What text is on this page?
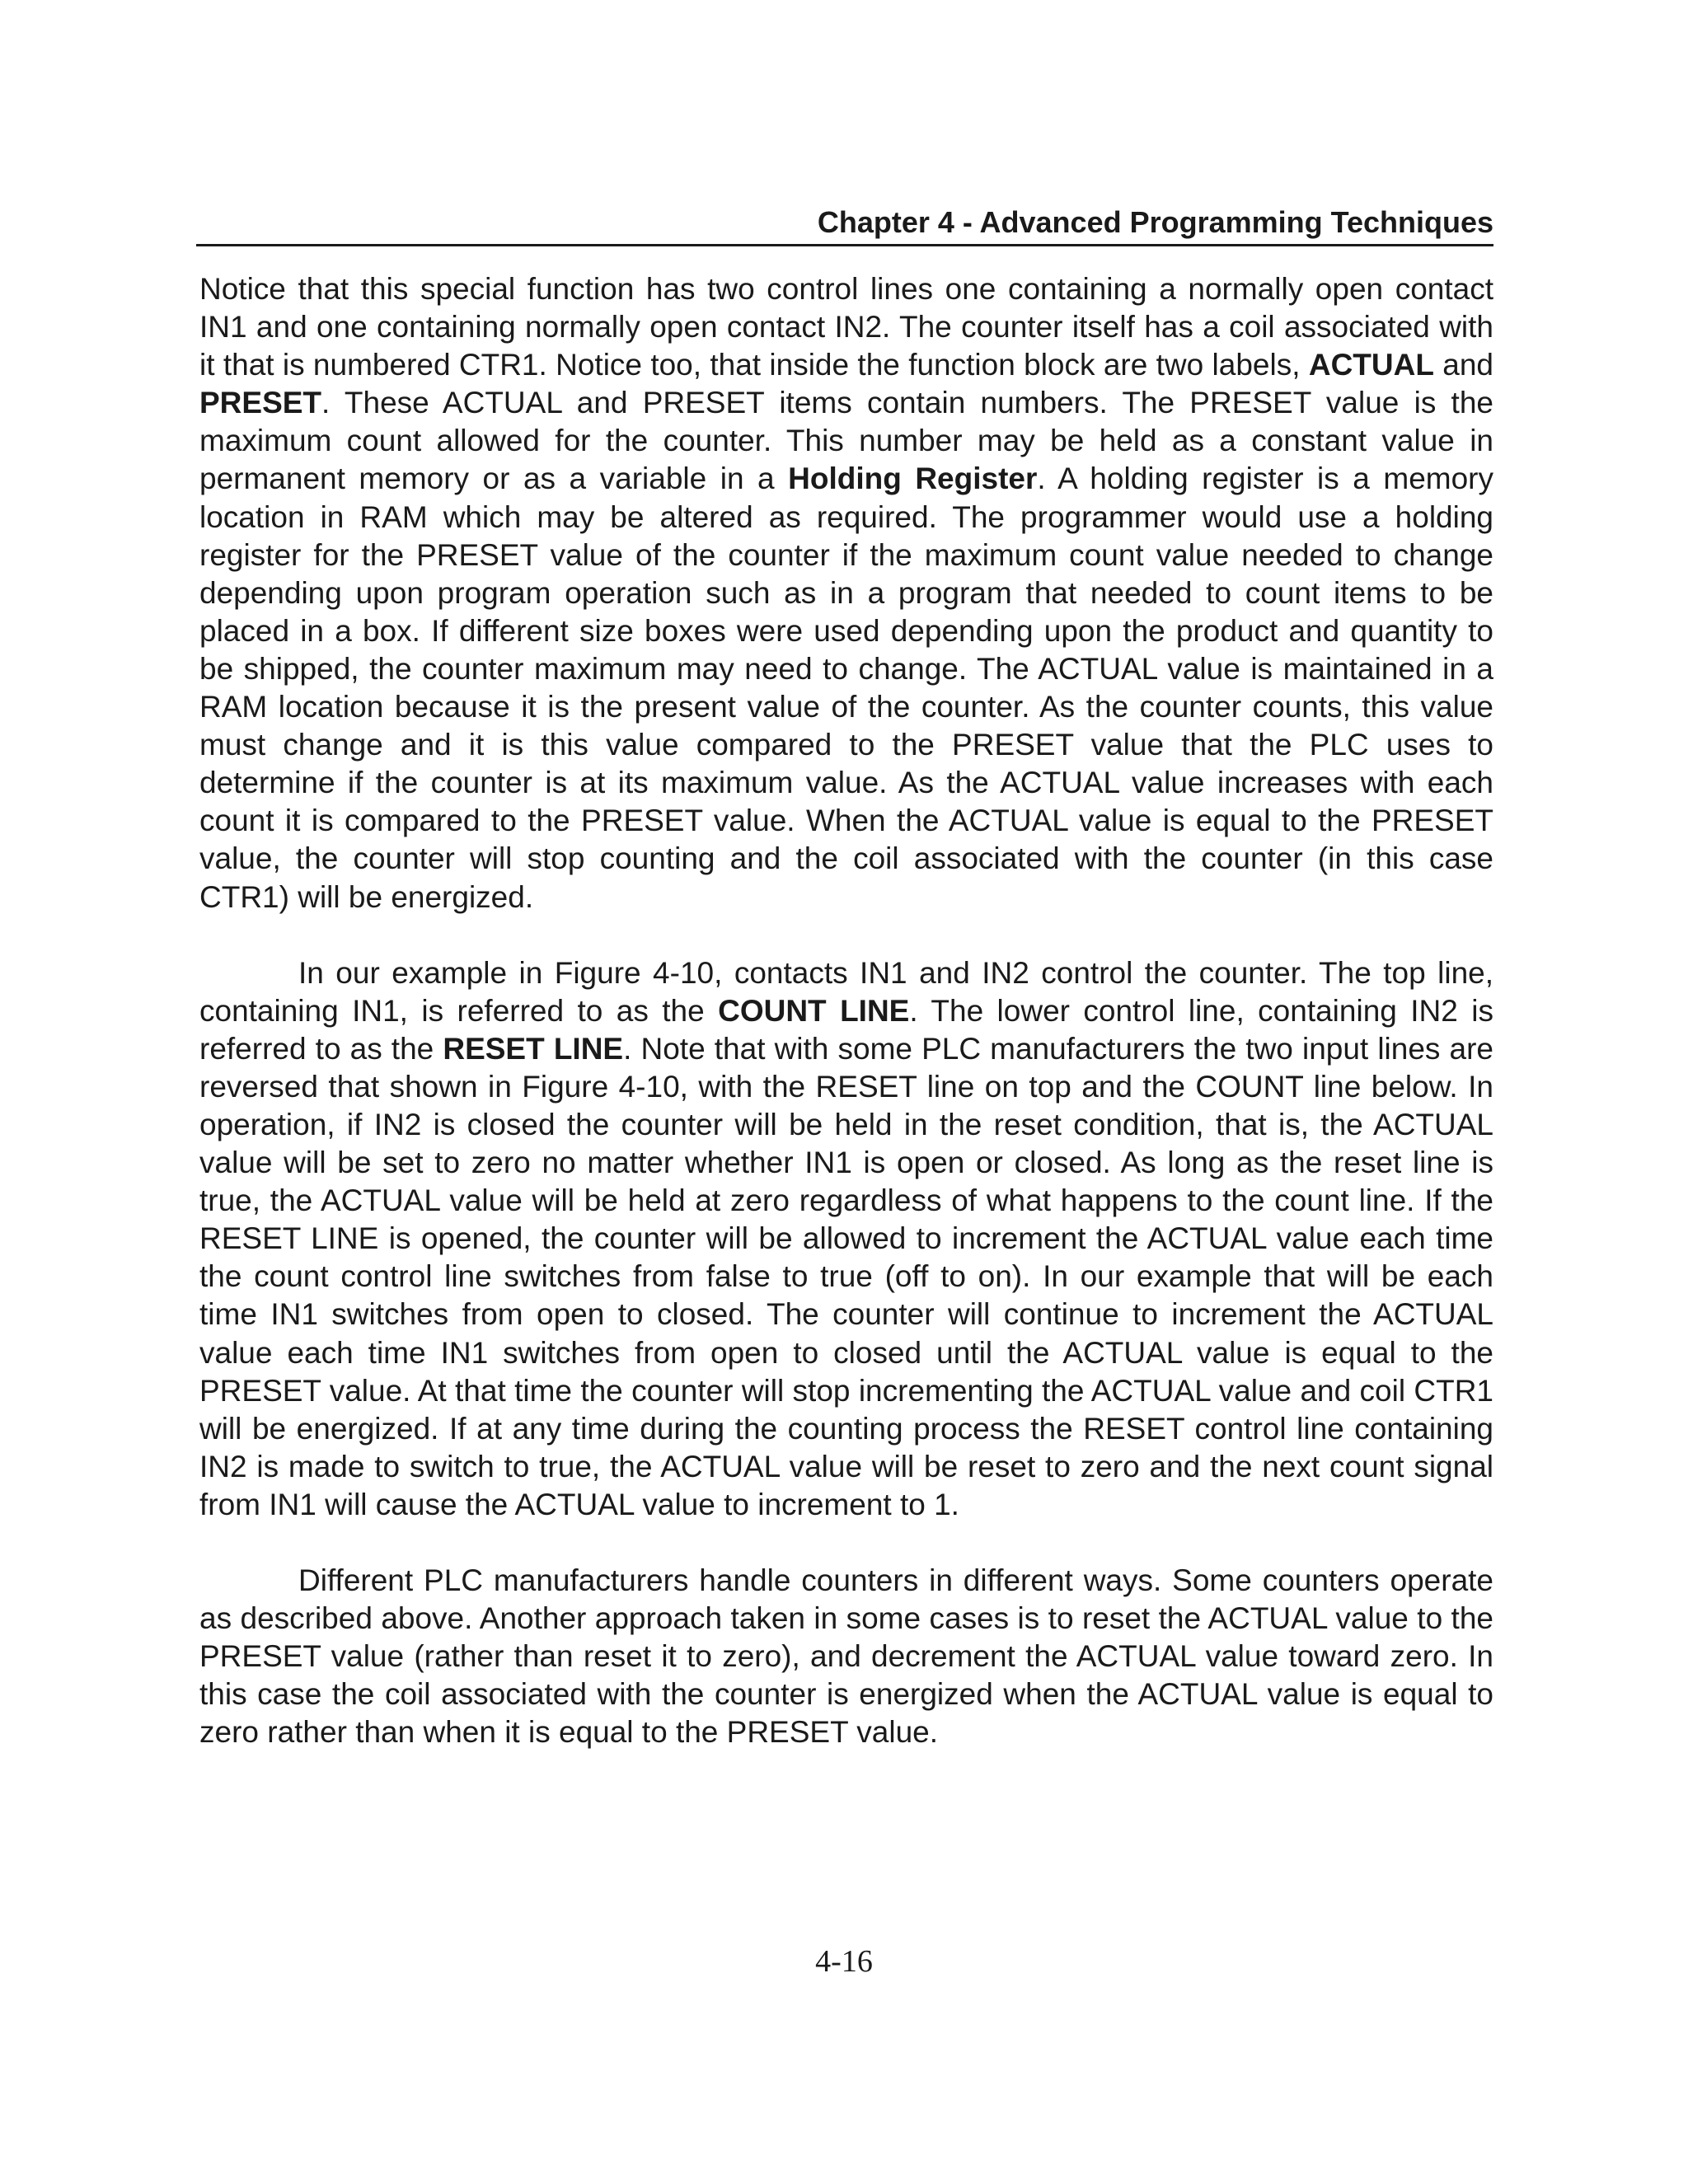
Chapter 4 - Advanced Programming Techniques

Notice that this special function has two control lines one containing a normally open contact IN1 and one containing normally open contact IN2. The counter itself has a coil associated with it that is numbered CTR1. Notice too, that inside the function block are two labels, ACTUAL and PRESET. These ACTUAL and PRESET items contain numbers. The PRESET value is the maximum count allowed for the counter. This number may be held as a constant value in permanent memory or as a variable in a Holding Register. A holding register is a memory location in RAM which may be altered as required. The programmer would use a holding register for the PRESET value of the counter if the maximum count value needed to change depending upon program operation such as in a program that needed to count items to be placed in a box. If different size boxes were used depending upon the product and quantity to be shipped, the counter maximum may need to change. The ACTUAL value is maintained in a RAM location because it is the present value of the counter. As the counter counts, this value must change and it is this value compared to the PRESET value that the PLC uses to determine if the counter is at its maximum value. As the ACTUAL value increases with each count it is compared to the PRESET value. When the ACTUAL value is equal to the PRESET value, the counter will stop counting and the coil associated with the counter (in this case CTR1) will be energized.

In our example in Figure 4-10, contacts IN1 and IN2 control the counter. The top line, containing IN1, is referred to as the COUNT LINE. The lower control line, containing IN2 is referred to as the RESET LINE. Note that with some PLC manufacturers the two input lines are reversed that shown in Figure 4-10, with the RESET line on top and the COUNT line below. In operation, if IN2 is closed the counter will be held in the reset condition, that is, the ACTUAL value will be set to zero no matter whether IN1 is open or closed. As long as the reset line is true, the ACTUAL value will be held at zero regardless of what happens to the count line. If the RESET LINE is opened, the counter will be allowed to increment the ACTUAL value each time the count control line switches from false to true (off to on). In our example that will be each time IN1 switches from open to closed. The counter will continue to increment the ACTUAL value each time IN1 switches from open to closed until the ACTUAL value is equal to the PRESET value. At that time the counter will stop incrementing the ACTUAL value and coil CTR1 will be energized. If at any time during the counting process the RESET control line containing IN2 is made to switch to true, the ACTUAL value will be reset to zero and the next count signal from IN1 will cause the ACTUAL value to increment to 1.

Different PLC manufacturers handle counters in different ways. Some counters operate as described above. Another approach taken in some cases is to reset the ACTUAL value to the PRESET value (rather than reset it to zero), and decrement the ACTUAL value toward zero. In this case the coil associated with the counter is energized when the ACTUAL value is equal to zero rather than when it is equal to the PRESET value.

4-16
